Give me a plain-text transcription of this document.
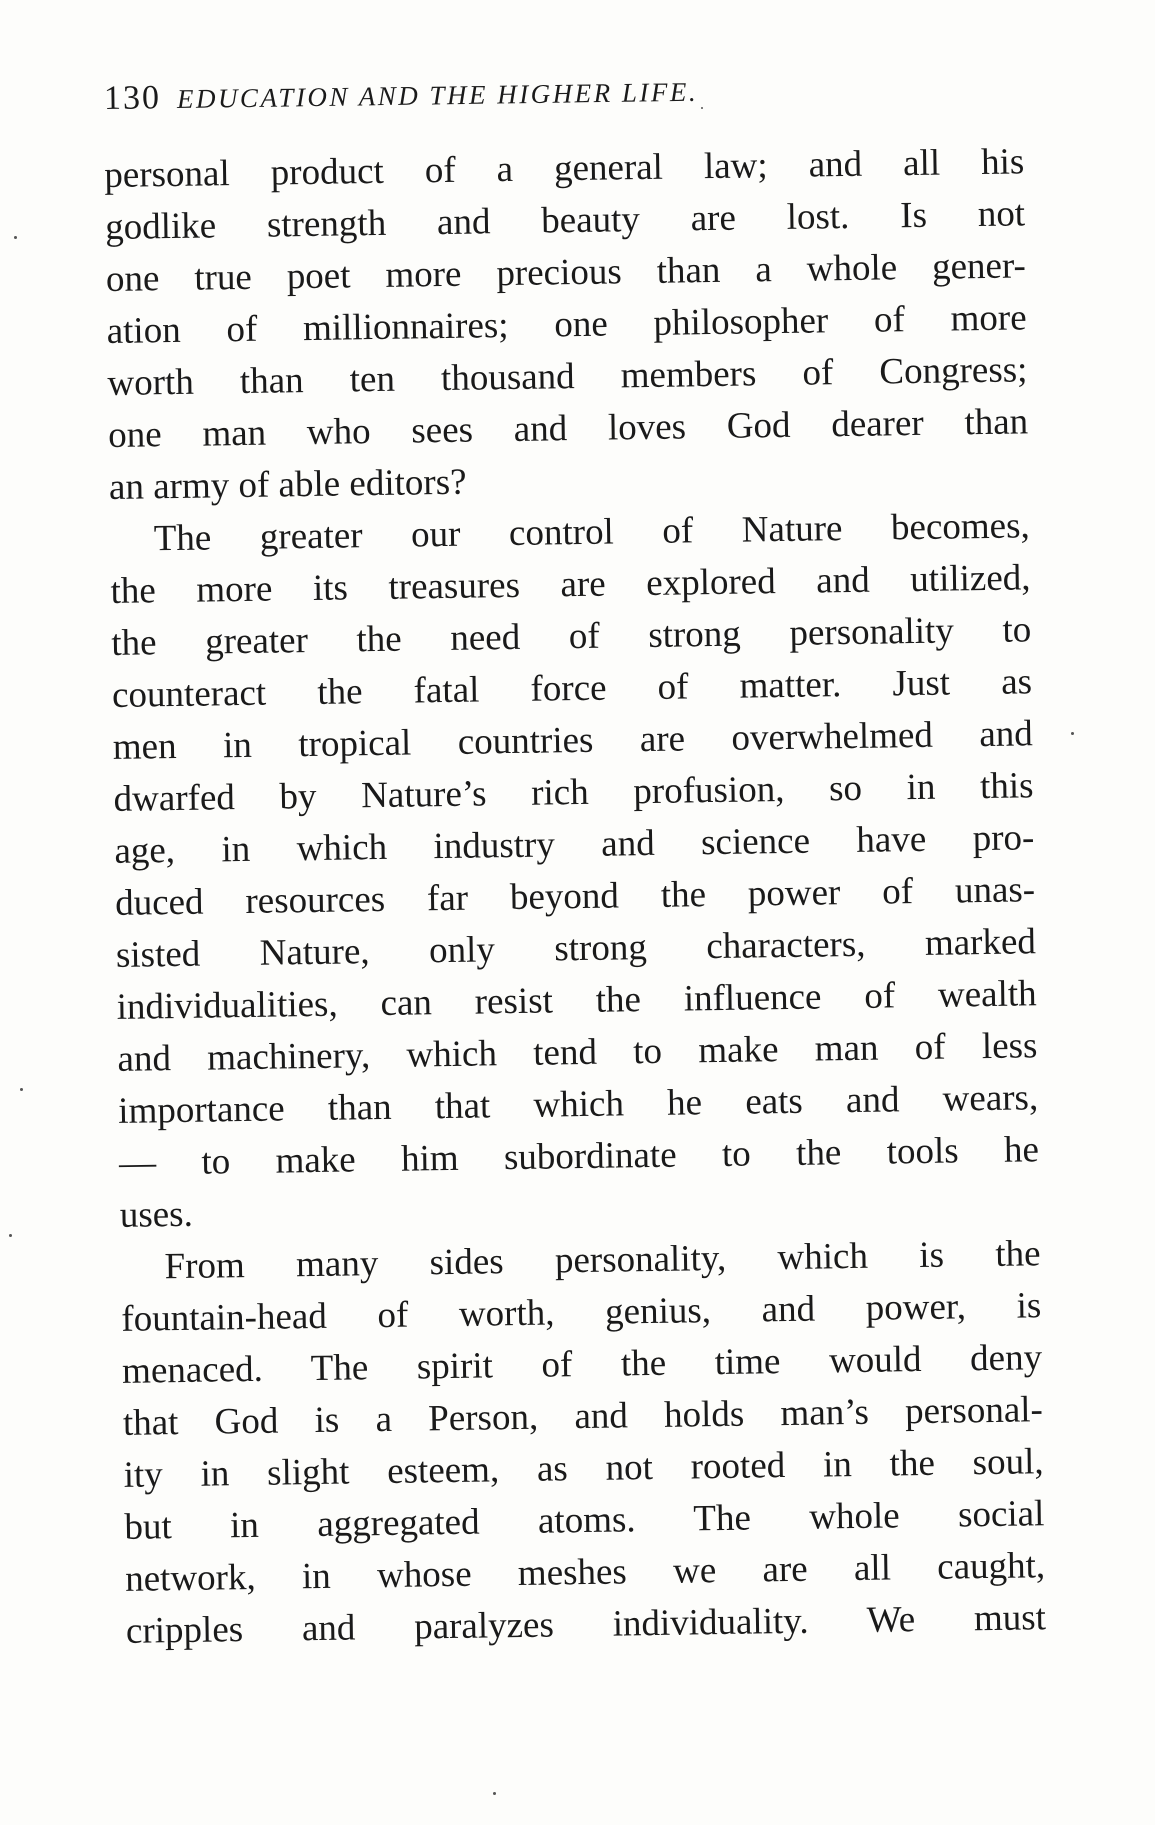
130 EDUCATION AND THE HIGHER LIFE.
personal product of a general law; and all his
godlike strength and beauty are lost. Is not
one true poet more precious than a whole gener-
ation of millionnaires; one philosopher of more
worth than ten thousand members of Congress;
one man who sees and loves God dearer than
an army of able editors?
The greater our control of Nature becomes,
the more its treasures are explored and utilized,
the greater the need of strong personality to
counteract the fatal force of matter. Just as
men in tropical countries are overwhelmed and
dwarfed by Nature’s rich profusion, so in this
age, in which industry and science have pro-
duced resources far beyond the power of unas-
sisted Nature, only strong characters, marked
individualities, can resist the influence of wealth
and machinery, which tend to make man of less
importance than that which he eats and wears,
— to make him subordinate to the tools he
uses.
From many sides personality, which is the
fountain-head of worth, genius, and power, is
menaced. The spirit of the time would deny
that God is a Person, and holds man’s personal-
ity in slight esteem, as not rooted in the soul,
but in aggregated atoms. The whole social
network, in whose meshes we are all caught,
cripples and paralyzes individuality. We must
